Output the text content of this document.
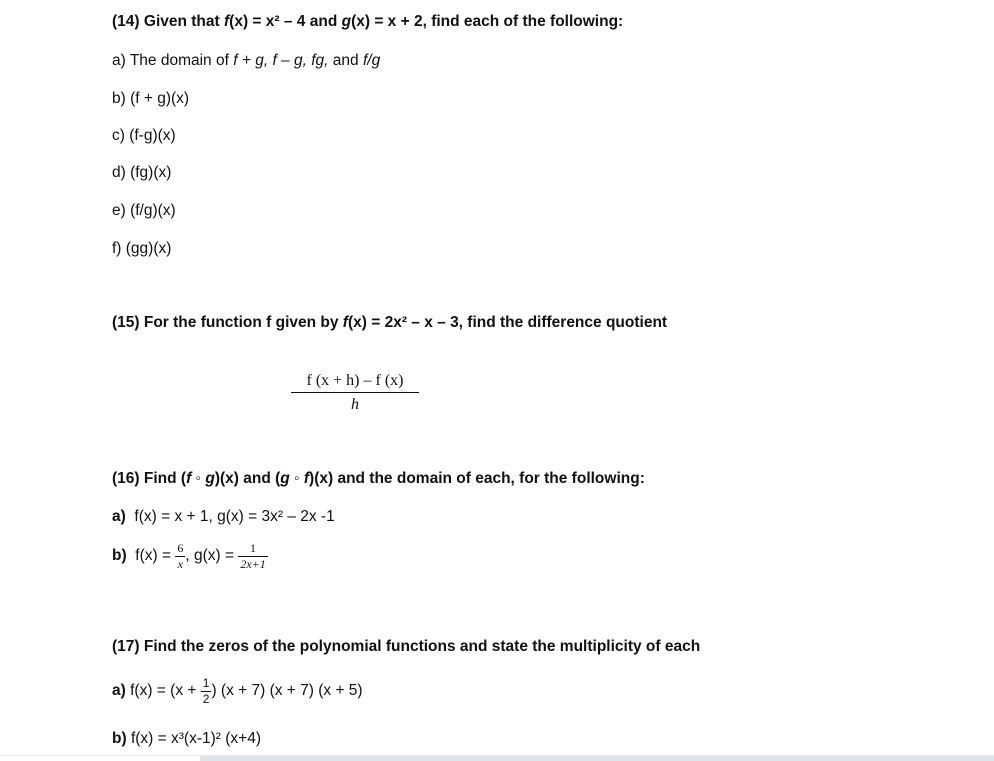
(14) Given that f(x) = x² – 4 and g(x) = x + 2, find each of the following:
a) The domain of f + g, f – g, fg, and f/g
b) (f + g)(x)
c) (f-g)(x)
d) (fg)(x)
e) (f/g)(x)
f) (gg)(x)
(15) For the function f given by f(x) = 2x² – x – 3, find the difference quotient
$\frac{f (x + h) - f (x)}{h}$
(16) Find (f ◦ g)(x) and (g ◦ f)(x) and the domain of each, for the following:
a) f(x) = x + 1, g(x) = 3x² – 2x -1
b) $f(x) = \frac{6}{x}$ , $g(x) = \frac{1}{2x+1}$
(17) Find the zeros of the polynomial functions and state the multiplicity of each
a) $f(x) = (x + \frac{1}{2}$ ) (x + 7) (x + 7) (x + 5)
b) f(x) = x³(x-1)² (x+4)
